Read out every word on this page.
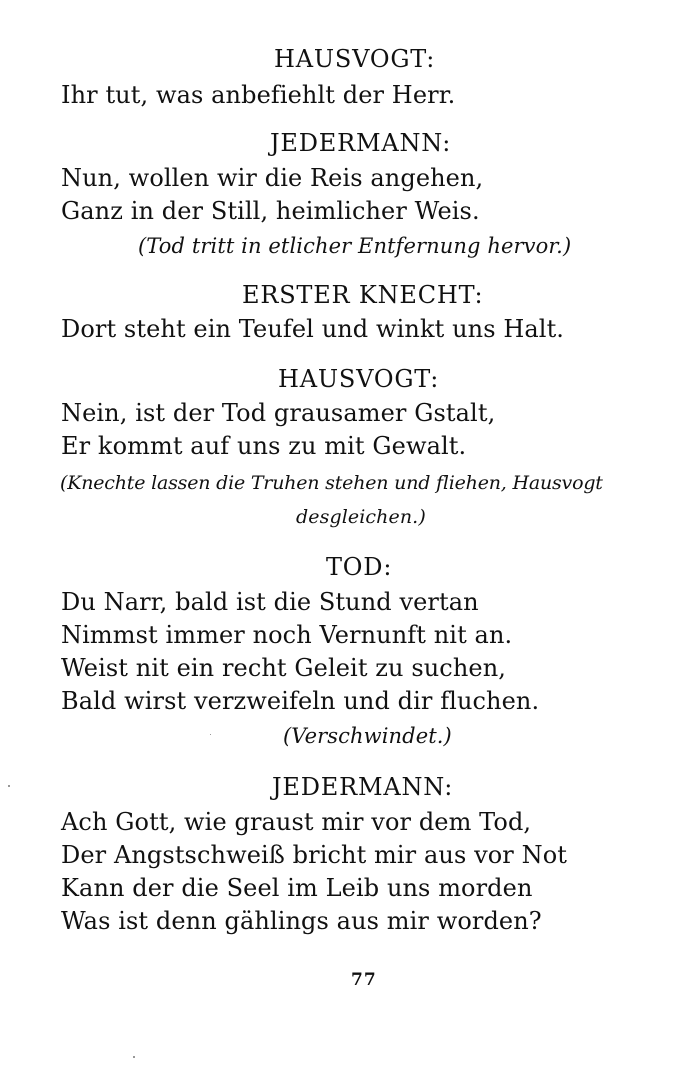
HAUSVOGT:
Ihr tut, was anbefiehlt der Herr.
JEDERMANN:
Nun, wollen wir die Reis angehen,
Ganz in der Still, heimlicher Weis.
(Tod tritt in etlicher Entfernung hervor.)
ERSTER KNECHT:
Dort steht ein Teufel und winkt uns Halt.
HAUSVOGT:
Nein, ist der Tod grausamer Gstalt,
Er kommt auf uns zu mit Gewalt.
(Knechte lassen die Truhen stehen und fliehen, Hausvogt
desgleichen.)
TOD:
Du Narr, bald ist die Stund vertan
Nimmst immer noch Vernunft nit an.
Weist nit ein recht Geleit zu suchen,
Bald wirst verzweifeln und dir fluchen.
(Verschwindet.)
JEDERMANN:
Ach Gott, wie graust mir vor dem Tod,
Der Angstschweiß bricht mir aus vor Not
Kann der die Seel im Leib uns morden
Was ist denn gählings aus mir worden?
77
